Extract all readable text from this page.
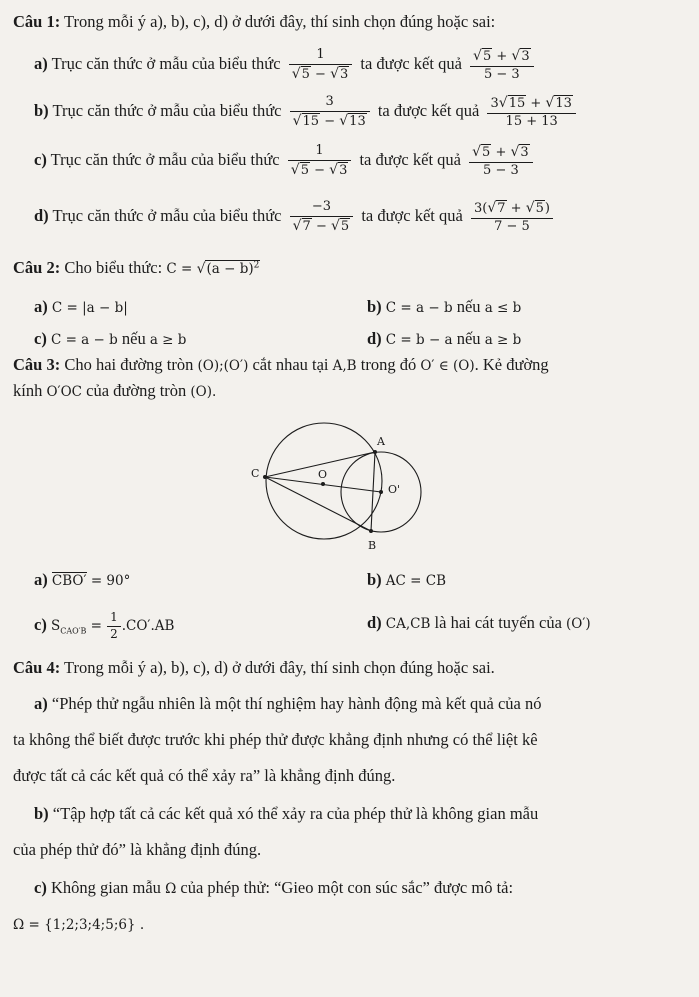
Câu 1: Trong mỗi ý a), b), c), d) ở dưới đây, thí sinh chọn đúng hoặc sai:
a) Trục căn thức ở mẫu của biểu thức $\frac{1}{√5 - √3}$ ta được kết quả $\frac{√5 + √3}{5 - 3}$
b) Trục căn thức ở mẫu của biểu thức $\frac{3}{√15 - √13}$ ta được kết quả $\frac{3√15 + √13}{15 + 13}$
c) Trục căn thức ở mẫu của biểu thức $\frac{1}{√5 - √3}$ ta được kết quả $\frac{√5 + √3}{5 - 3}$
d) Trục căn thức ở mẫu của biểu thức $\frac{-3}{√7 - √5}$ ta được kết quả $\frac{3(√7 + √5)}{7 - 5}$
Câu 2: Cho biểu thức: $C = √(a - b)^2$
a) C = |a − b|	b) C = a − b nếu a ≤ b
c) C = a − b nếu a ≥ b	d) C = b − a nếu a ≥ b
Câu 3: Cho hai đường tròn (O);(O′) cắt nhau tại A,B trong đó O′ ∈ (O). Kẻ đường
kính O′OC của đường tròn (O).
A
C	O
O'
B
a) CBO′ = 90°	b) AC = CB
c) $S_{CAO'B} = \frac{1}{2} .CO'.AB$	d) CA,CB là hai cát tuyến của (O′)
Câu 4: Trong mỗi ý a), b), c), d) ở dưới đây, thí sinh chọn đúng hoặc sai.
a) “Phép thử ngẫu nhiên là một thí nghiệm hay hành động mà kết quả của nó
ta không thể biết được trước khi phép thử được khẳng định nhưng có thể liệt kê
được tất cả các kết quả có thể xảy ra” là khẳng định đúng.
b) “Tập hợp tất cả các kết quả xó thể xảy ra của phép thử là không gian mẫu
của phép thử đó” là khẳng định đúng.
c) Không gian mẫu Ω của phép thử: “Gieo một con súc sắc” được mô tả:
Ω = {1;2;3;4;5;6} .
